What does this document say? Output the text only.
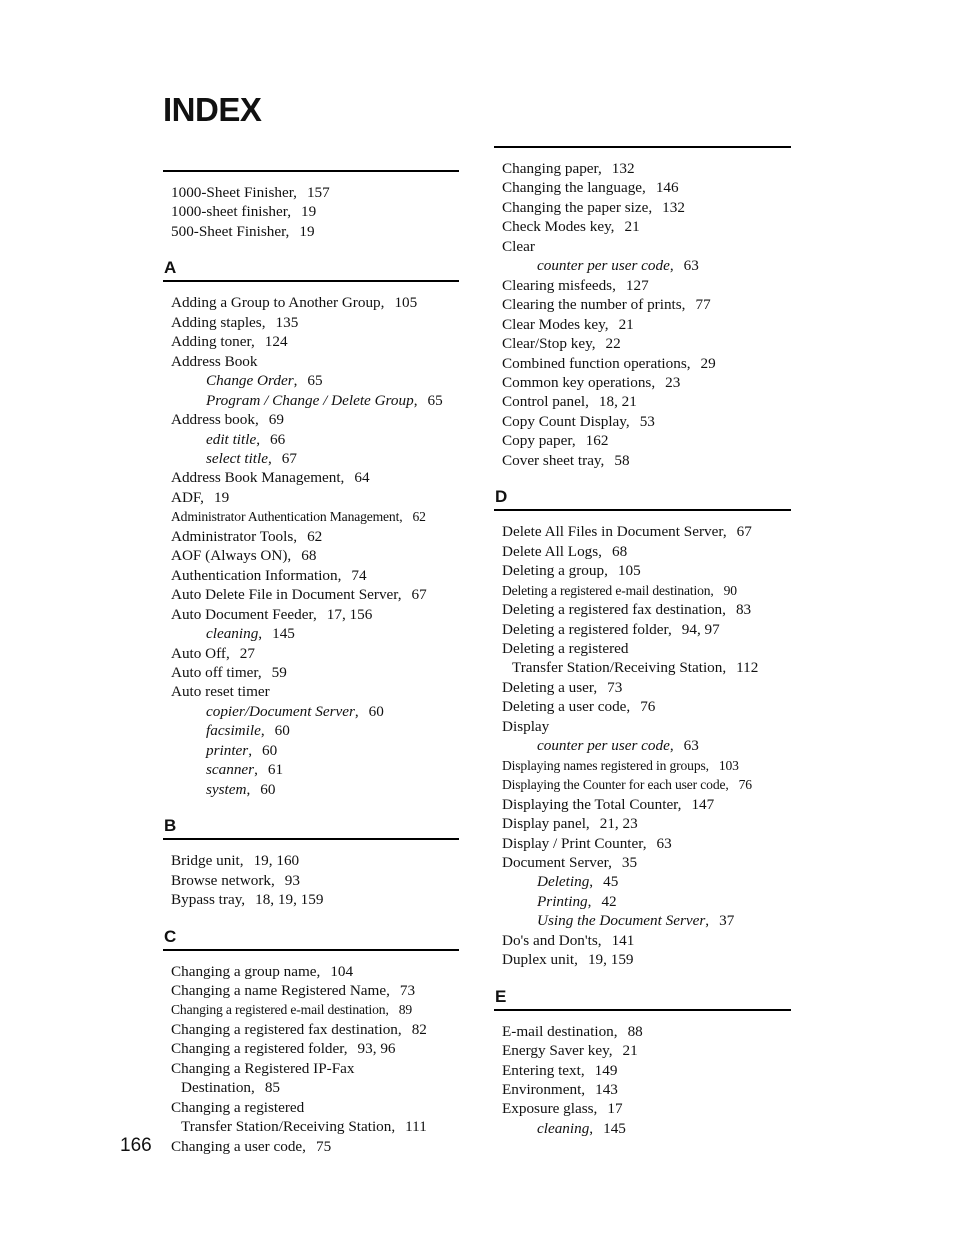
INDEX
1000-Sheet Finisher, 157
1000-sheet finisher, 19
500-Sheet Finisher, 19
A
Adding a Group to Another Group, 105
Adding staples, 135
Adding toner, 124
Address Book
Change Order, 65
Program / Change / Delete Group, 65
Address book, 69
edit title, 66
select title, 67
Address Book Management, 64
ADF, 19
Administrator Authentication Management, 62
Administrator Tools, 62
AOF (Always ON), 68
Authentication Information, 74
Auto Delete File in Document Server, 67
Auto Document Feeder, 17, 156
cleaning, 145
Auto Off, 27
Auto off timer, 59
Auto reset timer
copier/Document Server, 60
facsimile, 60
printer, 60
scanner, 61
system, 60
B
Bridge unit, 19, 160
Browse network, 93
Bypass tray, 18, 19, 159
C
Changing a group name, 104
Changing a name Registered Name, 73
Changing a registered e-mail destination, 89
Changing a registered fax destination, 82
Changing a registered folder, 93, 96
Changing a Registered IP-Fax
Destination, 85
Changing a registered
Transfer Station/Receiving Station, 111
Changing a user code, 75
Changing paper, 132
Changing the language, 146
Changing the paper size, 132
Check Modes key, 21
Clear
counter per user code, 63
Clearing misfeeds, 127
Clearing the number of prints, 77
Clear Modes key, 21
Clear/Stop key, 22
Combined function operations, 29
Common key operations, 23
Control panel, 18, 21
Copy Count Display, 53
Copy paper, 162
Cover sheet tray, 58
D
Delete All Files in Document Server, 67
Delete All Logs, 68
Deleting a group, 105
Deleting a registered e-mail destination, 90
Deleting a registered fax destination, 83
Deleting a registered folder, 94, 97
Deleting a registered
Transfer Station/Receiving Station, 112
Deleting a user, 73
Deleting a user code, 76
Display
counter per user code, 63
Displaying names registered in groups, 103
Displaying the Counter for each user code, 76
Displaying the Total Counter, 147
Display panel, 21, 23
Display / Print Counter, 63
Document Server, 35
Deleting, 45
Printing, 42
Using the Document Server, 37
Do's and Don'ts, 141
Duplex unit, 19, 159
E
E-mail destination, 88
Energy Saver key, 21
Entering text, 149
Environment, 143
Exposure glass, 17
cleaning, 145
166
